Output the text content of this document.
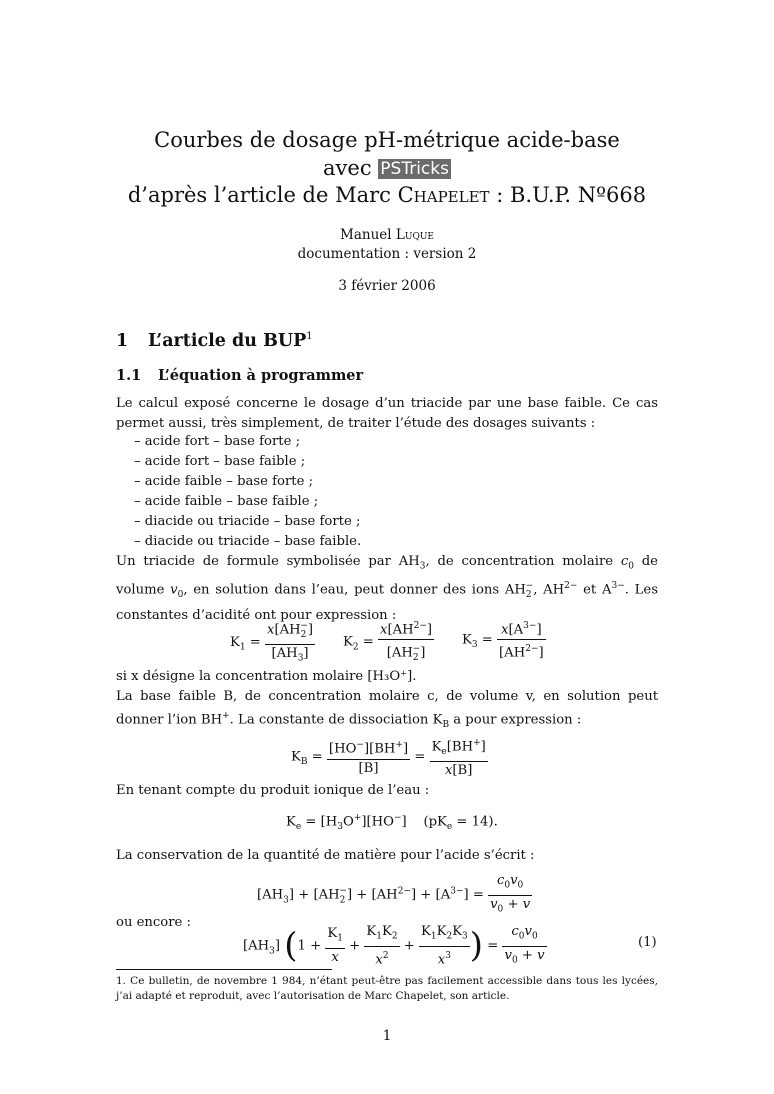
Courbes de dosage pH-métrique acide-base
avec PSTricks
d’après l’article de Marc Chapelet : B.U.P. Nº668
Manuel Luque
documentation : version 2
3 février 2006
1 L’article du BUP$^1$
1.1 L’équation à programmer
Le calcul exposé concerne le dosage d’un triacide par une base faible. Ce cas permet aussi, très simplement, de traiter l’étude des dosages suivants :
– acide fort – base forte ;
– acide fort – base faible ;
– acide faible – base forte ;
– acide faible – base faible ;
– diacide ou triacide – base forte ;
– diacide ou triacide – base faible.
Un triacide de formule symbolisée par $AH_3$, de concentration molaire $c_0$ de volume $v_0$, en solution dans l’eau, peut donner des ions $AH_2^-$, $AH^{2-}$ et $A^{3-}$. Les constantes d’acidité ont pour expression :
$K_1 = \frac{x[AH_2^-]}{[AH_3]} K_2 = \frac{x[AH^{2-}]}{[AH_2^-]} K_3 = \frac{x[A^{3-}]}{[AH^{2-}]}$
si x désigne la concentration molaire [H₃O⁺].
La base faible B, de concentration molaire c, de volume v, en solution peut donner l’ion BH+. La constante de dissociation $K_B$ a pour expression :
$K_B = \frac{[HO^-][BH^+]}{[B]} = \frac{K_e[BH^+]}{x[B]}$
En tenant compte du produit ionique de l’eau :
$K_e = [H_3O^+][HO^-]$    $(pK_e = 14)$.
La conservation de la quantité de matière pour l’acide s’écrit :
$[AH_3] + [AH_2^-] + [AH^{2-}] + [A^{3-}] = \frac{c_0v_0}{v_0 + v}$
ou encore :
$[AH_3] (1 + \frac{K_1}{x} + \frac{K_1K_2}{x^2} + \frac{K_1K_2K_3}{x^3}$ ) = $\frac{c_0v_0}{v_0 + v}$	(1)
1. Ce bulletin, de novembre 1 984, n’étant peut-être pas facilement accessible dans tous les lycées, j’ai adapté et reproduit, avec l’autorisation de Marc Chapelet, son article.
1
